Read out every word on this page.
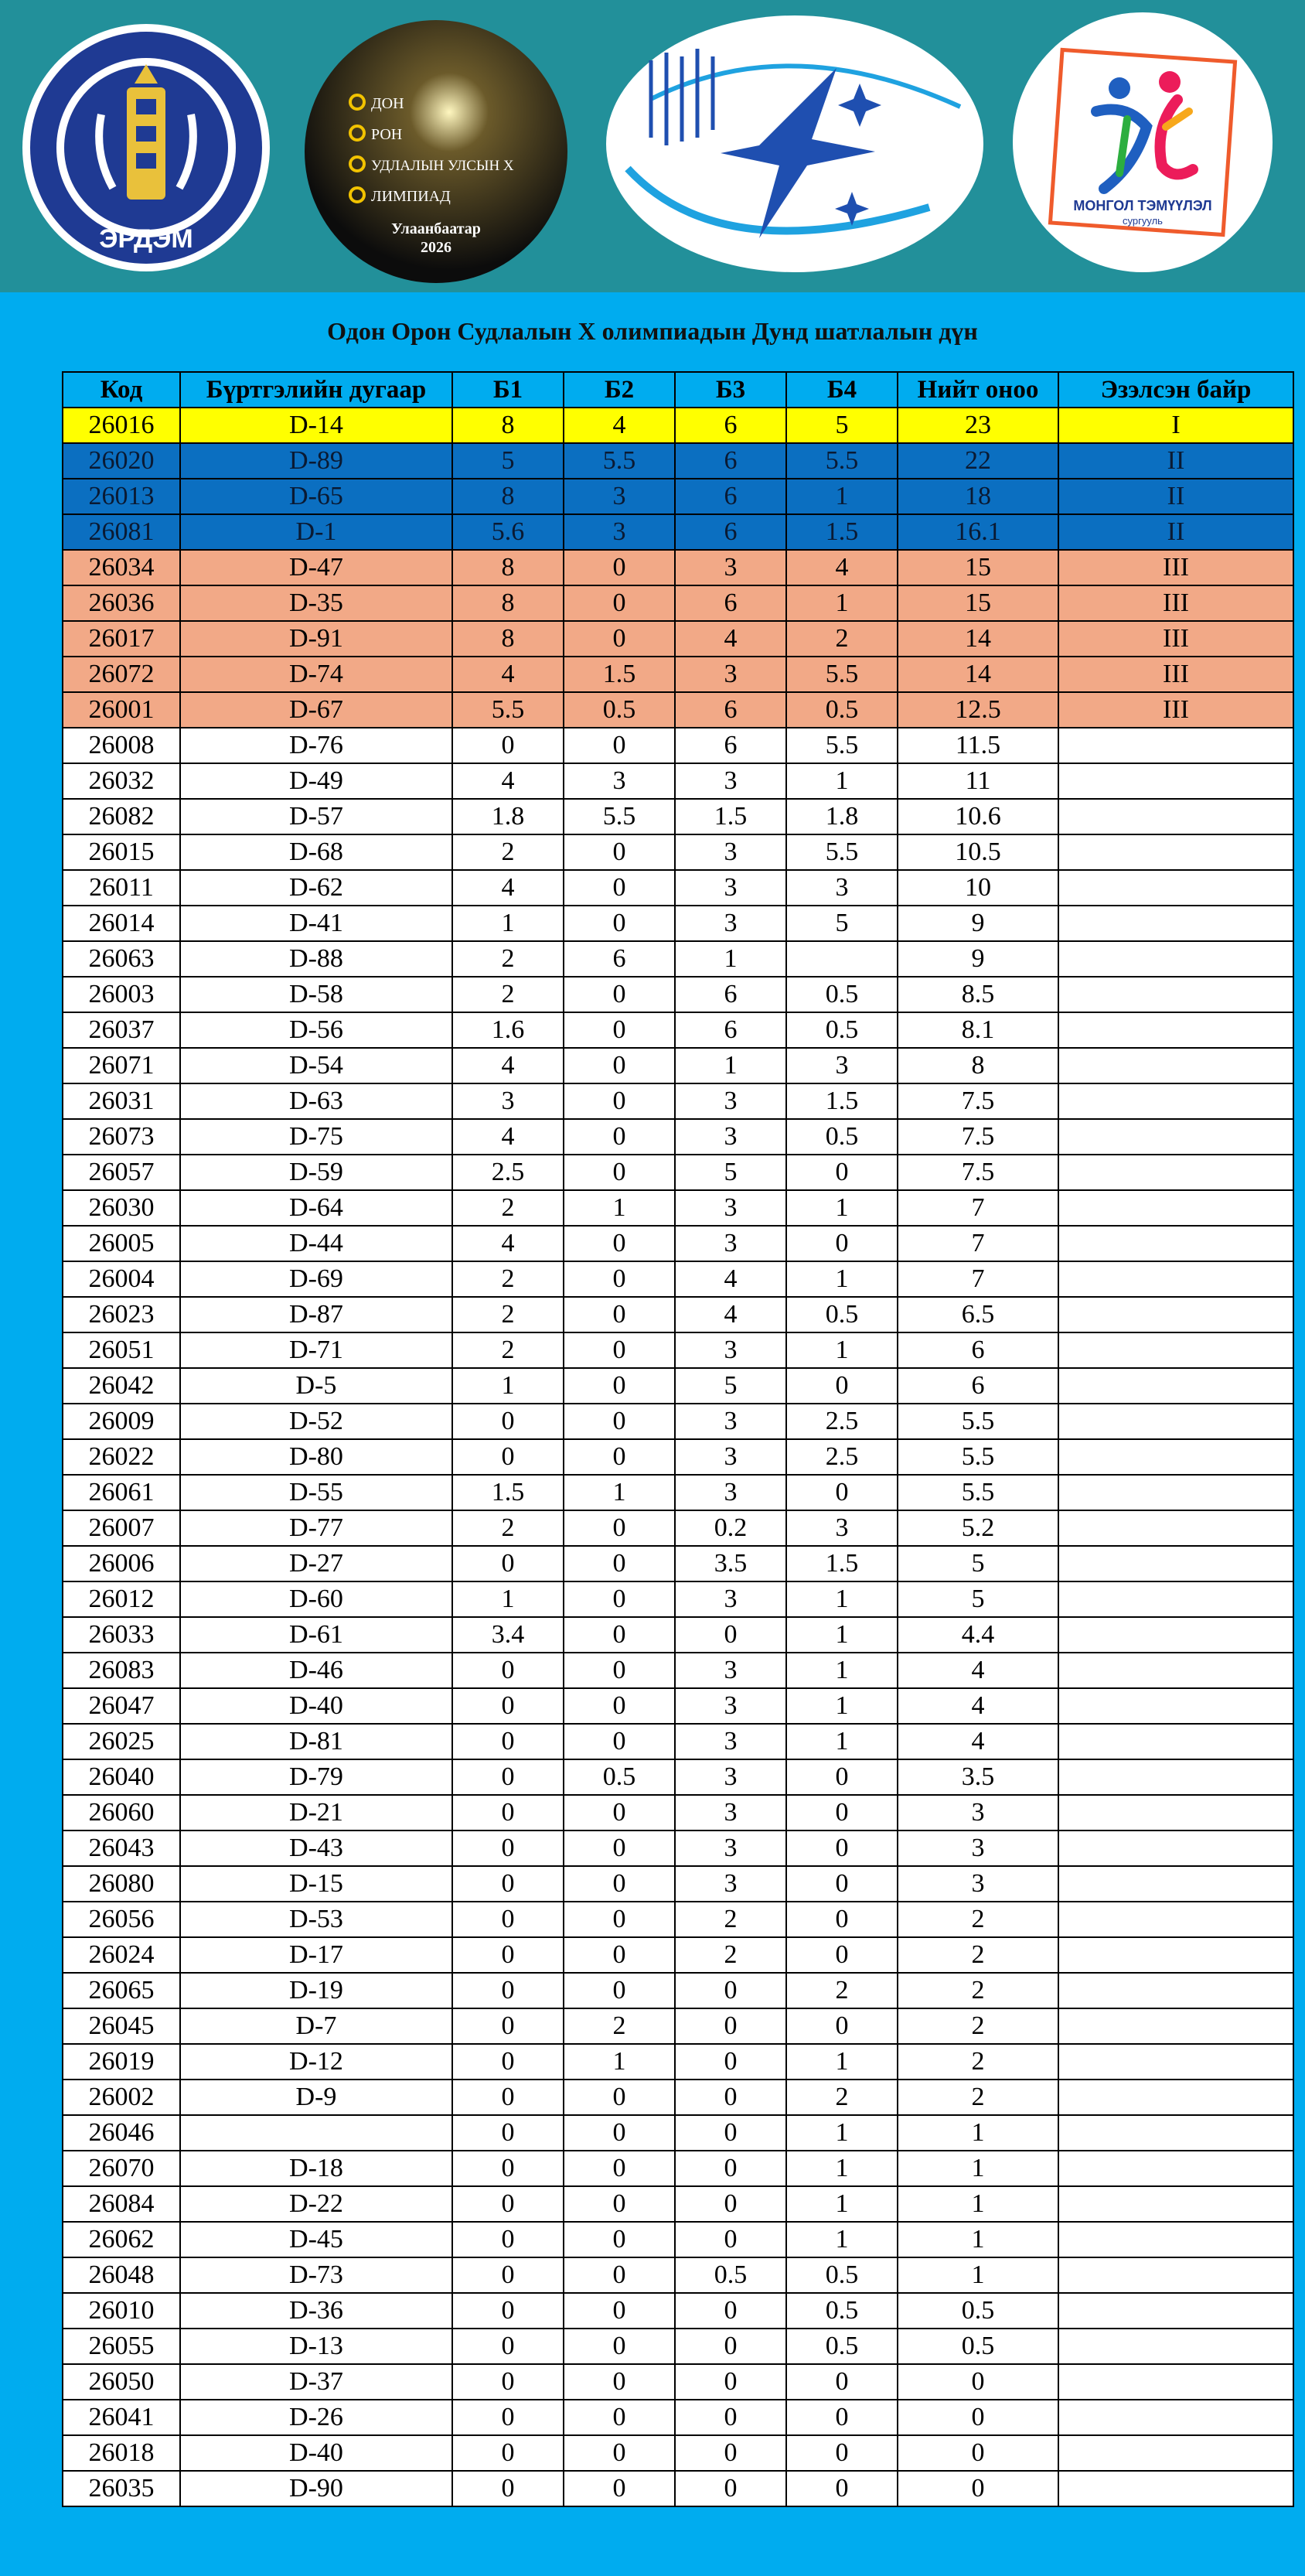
ЭРДЭМ
ДОН
РОН
УДЛАЛЫН УЛСЫН X
ЛИМПИАД
Улаанбаатар
2026
МОНГОЛ ТЭМҮҮЛЭЛ
сургууль
Одон Орон Судлалын X олимпиадын Дунд шатлалын дүн
Код	Бүртгэлийн дугаар	Б1	Б2	Б3	Б4	Нийт оноо	Эзэлсэн байр
26016	D-14	8	4	6	5	23	I
26020	D-89	5	5.5	6	5.5	22	II
26013	D-65	8	3	6	1	18	II
26081	D-1	5.6	3	6	1.5	16.1	II
26034	D-47	8	0	3	4	15	III
26036	D-35	8	0	6	1	15	III
26017	D-91	8	0	4	2	14	III
26072	D-74	4	1.5	3	5.5	14	III
26001	D-67	5.5	0.5	6	0.5	12.5	III
26008	D-76	0	0	6	5.5	11.5	
26032	D-49	4	3	3	1	11	
26082	D-57	1.8	5.5	1.5	1.8	10.6	
26015	D-68	2	0	3	5.5	10.5	
26011	D-62	4	0	3	3	10	
26014	D-41	1	0	3	5	9	
26063	D-88	2	6	1		9	
26003	D-58	2	0	6	0.5	8.5	
26037	D-56	1.6	0	6	0.5	8.1	
26071	D-54	4	0	1	3	8	
26031	D-63	3	0	3	1.5	7.5	
26073	D-75	4	0	3	0.5	7.5	
26057	D-59	2.5	0	5	0	7.5	
26030	D-64	2	1	3	1	7	
26005	D-44	4	0	3	0	7	
26004	D-69	2	0	4	1	7	
26023	D-87	2	0	4	0.5	6.5	
26051	D-71	2	0	3	1	6	
26042	D-5	1	0	5	0	6	
26009	D-52	0	0	3	2.5	5.5	
26022	D-80	0	0	3	2.5	5.5	
26061	D-55	1.5	1	3	0	5.5	
26007	D-77	2	0	0.2	3	5.2	
26006	D-27	0	0	3.5	1.5	5	
26012	D-60	1	0	3	1	5	
26033	D-61	3.4	0	0	1	4.4	
26083	D-46	0	0	3	1	4	
26047	D-40	0	0	3	1	4	
26025	D-81	0	0	3	1	4	
26040	D-79	0	0.5	3	0	3.5	
26060	D-21	0	0	3	0	3	
26043	D-43	0	0	3	0	3	
26080	D-15	0	0	3	0	3	
26056	D-53	0	0	2	0	2	
26024	D-17	0	0	2	0	2	
26065	D-19	0	0	0	2	2	
26045	D-7	0	2	0	0	2	
26019	D-12	0	1	0	1	2	
26002	D-9	0	0	0	2	2	
26046		0	0	0	1	1	
26070	D-18	0	0	0	1	1	
26084	D-22	0	0	0	1	1	
26062	D-45	0	0	0	1	1	
26048	D-73	0	0	0.5	0.5	1	
26010	D-36	0	0	0	0.5	0.5	
26055	D-13	0	0	0	0.5	0.5	
26050	D-37	0	0	0	0	0	
26041	D-26	0	0	0	0	0	
26018	D-40	0	0	0	0	0	
26035	D-90	0	0	0	0	0	
